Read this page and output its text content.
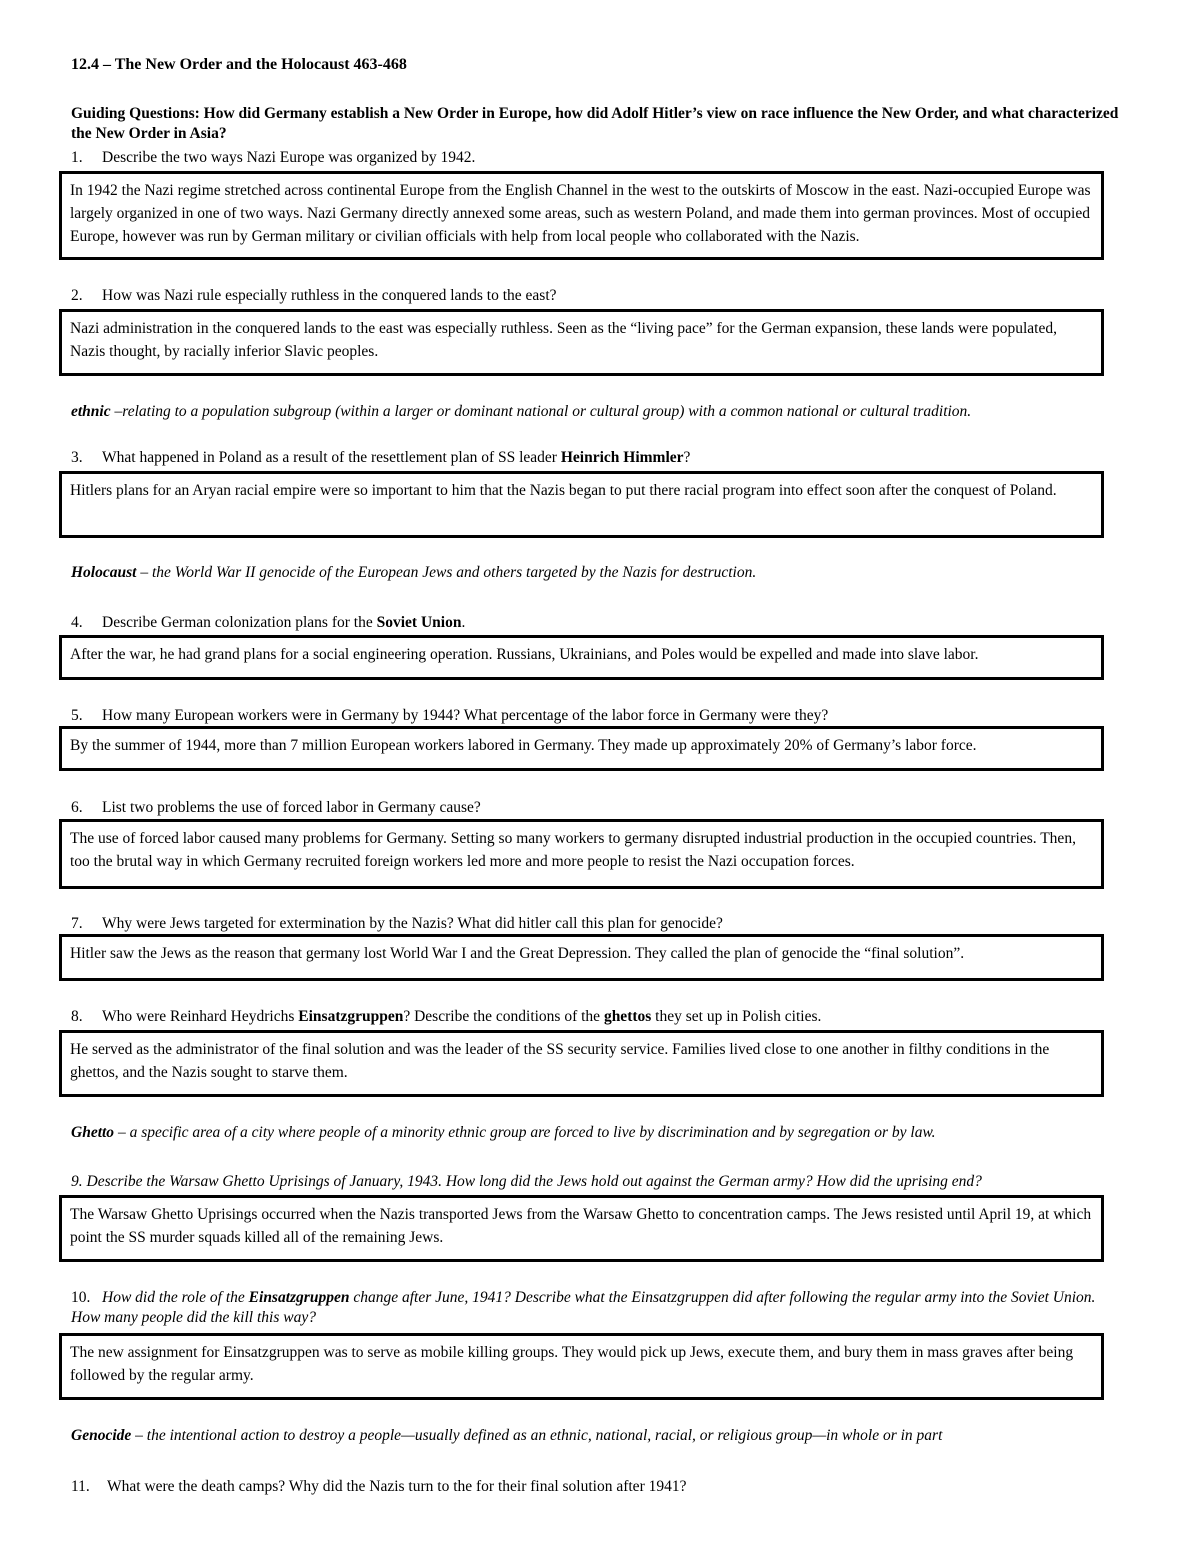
12.4 – The New Order and the Holocaust 463-468
Guiding Questions: How did Germany establish a New Order in Europe, how did Adolf Hitler’s view on race influence the New Order, and what characterized the New Order in Asia?
1. Describe the two ways Nazi Europe was organized by 1942.
In 1942 the Nazi regime stretched across continental Europe from the English Channel in the west to the outskirts of Moscow in the east. Nazi-occupied Europe was largely organized in one of two ways. Nazi Germany directly annexed some areas, such as western Poland, and made them into german provinces. Most of occupied Europe, however was run by German military or civilian officials with help from local people who collaborated with the Nazis.
2. How was Nazi rule especially ruthless in the conquered lands to the east?
Nazi administration in the conquered lands to the east was especially ruthless. Seen as the “living pace” for the German expansion, these lands were populated, Nazis thought, by racially inferior Slavic peoples.
ethnic –relating to a population subgroup (within a larger or dominant national or cultural group) with a common national or cultural tradition.
3. What happened in Poland as a result of the resettlement plan of SS leader Heinrich Himmler?
Hitlers plans for an Aryan racial empire were so important to him that the Nazis began to put there racial program into effect soon after the conquest of Poland.
Holocaust – the World War II genocide of the European Jews and others targeted by the Nazis for destruction.
4. Describe German colonization plans for the Soviet Union.
After the war, he had grand plans for a social engineering operation. Russians, Ukrainians, and Poles would be expelled and made into slave labor.
5. How many European workers were in Germany by 1944? What percentage of the labor force in Germany were they?
By the summer of 1944, more than 7 million European workers labored in Germany. They made up approximately 20% of Germany’s labor force.
6. List two problems the use of forced labor in Germany cause?
The use of forced labor caused many problems for Germany. Setting so many workers to germany disrupted industrial production in the occupied countries. Then, too the brutal way in which Germany recruited foreign workers led more and more people to resist the Nazi occupation forces.
7. Why were Jews targeted for extermination by the Nazis? What did hitler call this plan for genocide?
Hitler saw the Jews as the reason that germany lost World War I and the Great Depression. They called the plan of genocide the “final solution”.
8. Who were Reinhard Heydrichs Einsatzgruppen? Describe the conditions of the ghettos they set up in Polish cities.
He served as the administrator of the final solution and was the leader of the SS security service. Families lived close to one another in filthy conditions in the ghettos, and the Nazis sought to starve them.
Ghetto – a specific area of a city where people of a minority ethnic group are forced to live by discrimination and by segregation or by law.
9. Describe the Warsaw Ghetto Uprisings of January, 1943. How long did the Jews hold out against the German army? How did the uprising end?
The Warsaw Ghetto Uprisings occurred when the Nazis transported Jews from the Warsaw Ghetto to concentration camps. The Jews resisted until April 19, at which point the SS murder squads killed all of the remaining Jews.
10. How did the role of the Einsatzgruppen change after June, 1941? Describe what the Einsatzgruppen did after following the regular army into the Soviet Union. How many people did the kill this way?
The new assignment for Einsatzgruppen was to serve as mobile killing groups. They would pick up Jews, execute them, and bury them in mass graves after being followed by the regular army.
Genocide – the intentional action to destroy a people—usually defined as an ethnic, national, racial, or religious group—in whole or in part
11. What were the death camps? Why did the Nazis turn to the for their final solution after 1941?
